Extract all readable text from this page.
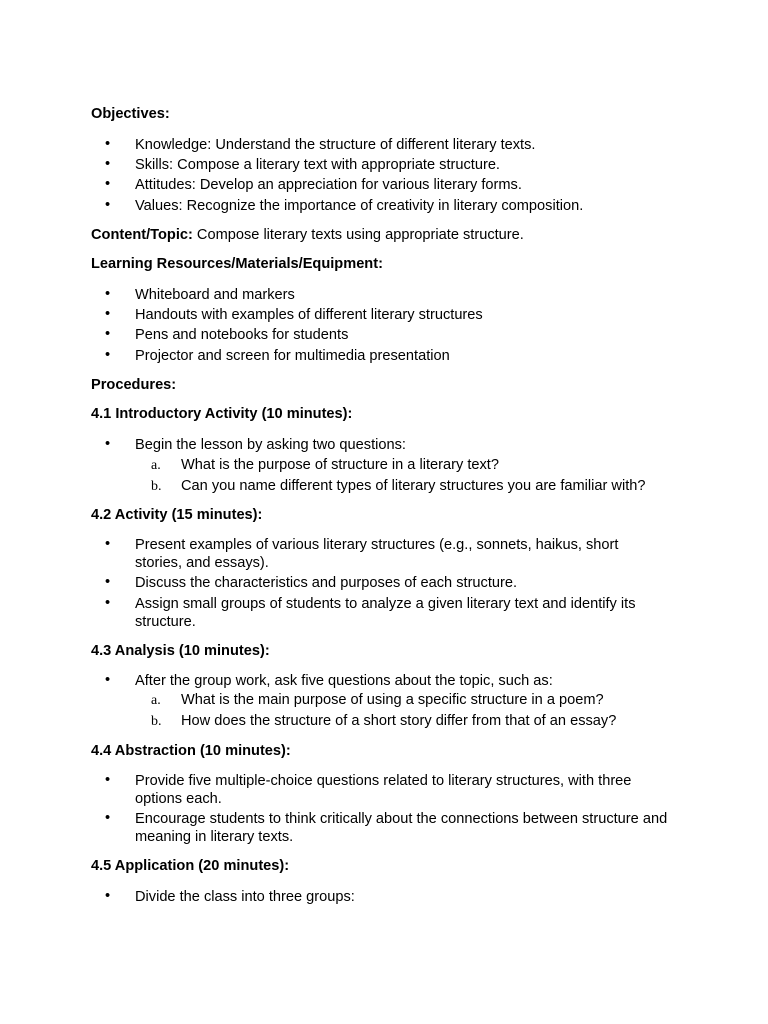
Objectives:
• Knowledge: Understand the structure of different literary texts.
• Skills: Compose a literary text with appropriate structure.
• Attitudes: Develop an appreciation for various literary forms.
• Values: Recognize the importance of creativity in literary composition.
Content/Topic: Compose literary texts using appropriate structure.
Learning Resources/Materials/Equipment:
• Whiteboard and markers
• Handouts with examples of different literary structures
• Pens and notebooks for students
• Projector and screen for multimedia presentation
Procedures:
4.1 Introductory Activity (10 minutes):
• Begin the lesson by asking two questions:
a. What is the purpose of structure in a literary text?
b. Can you name different types of literary structures you are familiar with?
4.2 Activity (15 minutes):
• Present examples of various literary structures (e.g., sonnets, haikus, short stories, and essays).
• Discuss the characteristics and purposes of each structure.
• Assign small groups of students to analyze a given literary text and identify its structure.
4.3 Analysis (10 minutes):
• After the group work, ask five questions about the topic, such as:
a. What is the main purpose of using a specific structure in a poem?
b. How does the structure of a short story differ from that of an essay?
4.4 Abstraction (10 minutes):
• Provide five multiple-choice questions related to literary structures, with three options each.
• Encourage students to think critically about the connections between structure and meaning in literary texts.
4.5 Application (20 minutes):
• Divide the class into three groups:
